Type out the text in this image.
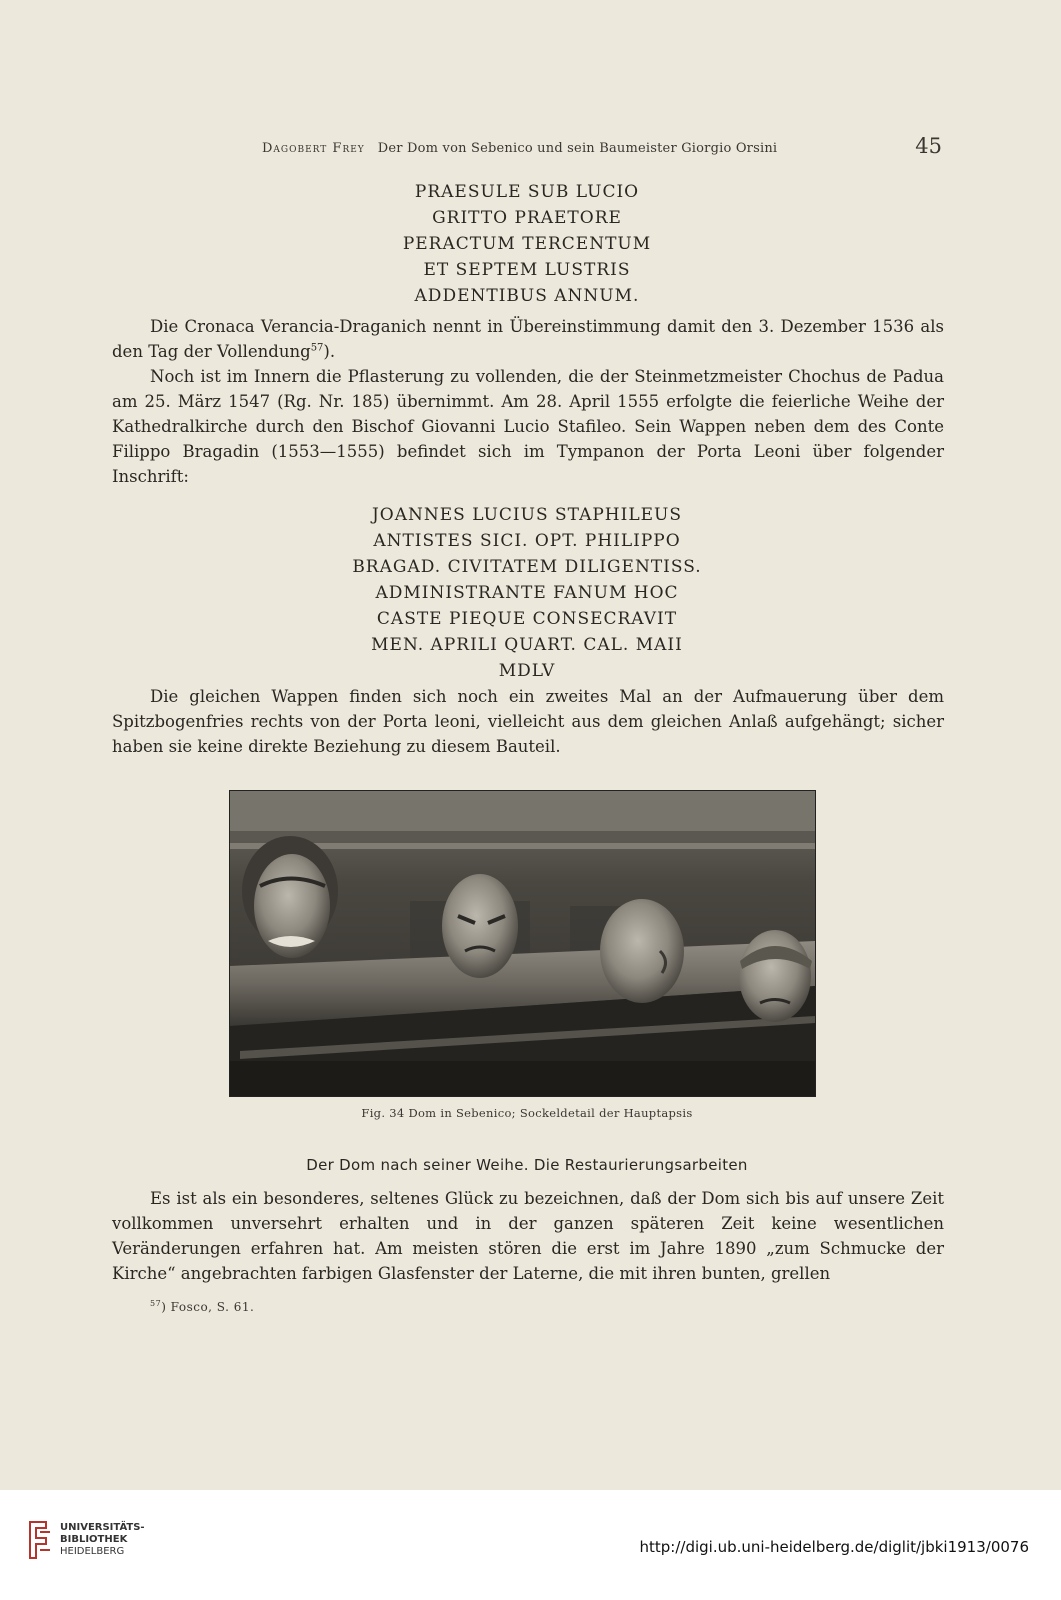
Dagobert Frey Der Dom von Sebenico und sein Baumeister Giorgio Orsini	45
PRAESULE SUB LUCIO
GRITTO PRAETORE
PERACTUM TERCENTUM
ET SEPTEM LUSTRIS
ADDENTIBUS ANNUM.

Die Cronaca Verancia-Draganich nennt in Übereinstimmung damit den 3. Dezember 1536 als den Tag der Vollendung$^{57}$).

Noch ist im Innern die Pflasterung zu vollenden, die der Steinmetzmeister Chochus de Padua am 25. März 1547 (Rg. Nr. 185) übernimmt. Am 28. April 1555 erfolgte die feierliche Weihe der Kathedralkirche durch den Bischof Giovanni Lucio Stafileo. Sein Wappen neben dem des Conte Filippo Bragadin (1553—1555) befindet sich im Tympanon der Porta Leoni über folgender Inschrift:

JOANNES LUCIUS STAPHILEUS
ANTISTES SICI. OPT. PHILIPPO
BRAGAD. CIVITATEM DILIGENTISS.
ADMINISTRANTE FANUM HOC
CASTE PIEQUE CONSECRAVIT
MEN. APRILI QUART. CAL. MAII
MDLV

Die gleichen Wappen finden sich noch ein zweites Mal an der Aufmauerung über dem Spitzbogenfries rechts von der Porta leoni, vielleicht aus dem gleichen Anlaß aufgehängt; sicher haben sie keine direkte Beziehung zu diesem Bauteil.

Fig. 34 Dom in Sebenico; Sockeldetail der Hauptapsis
Der Dom nach seiner Weihe. Die Restaurierungsarbeiten

Es ist als ein besonderes, seltenes Glück zu bezeichnen, daß der Dom sich bis auf unsere Zeit vollkommen unversehrt erhalten und in der ganzen späteren Zeit keine wesentlichen Veränderungen erfahren hat. Am meisten stören die erst im Jahre 1890 „zum Schmucke der Kirche“ angebrachten farbigen Glasfenster der Laterne, die mit ihren bunten, grellen

$^{57}$) Fosco, S. 61.
UNIVERSITÄTS-
BIBLIOTHEK
HEIDELBERG	http://digi.ub.uni-heidelberg.de/diglit/jbki1913/0076
